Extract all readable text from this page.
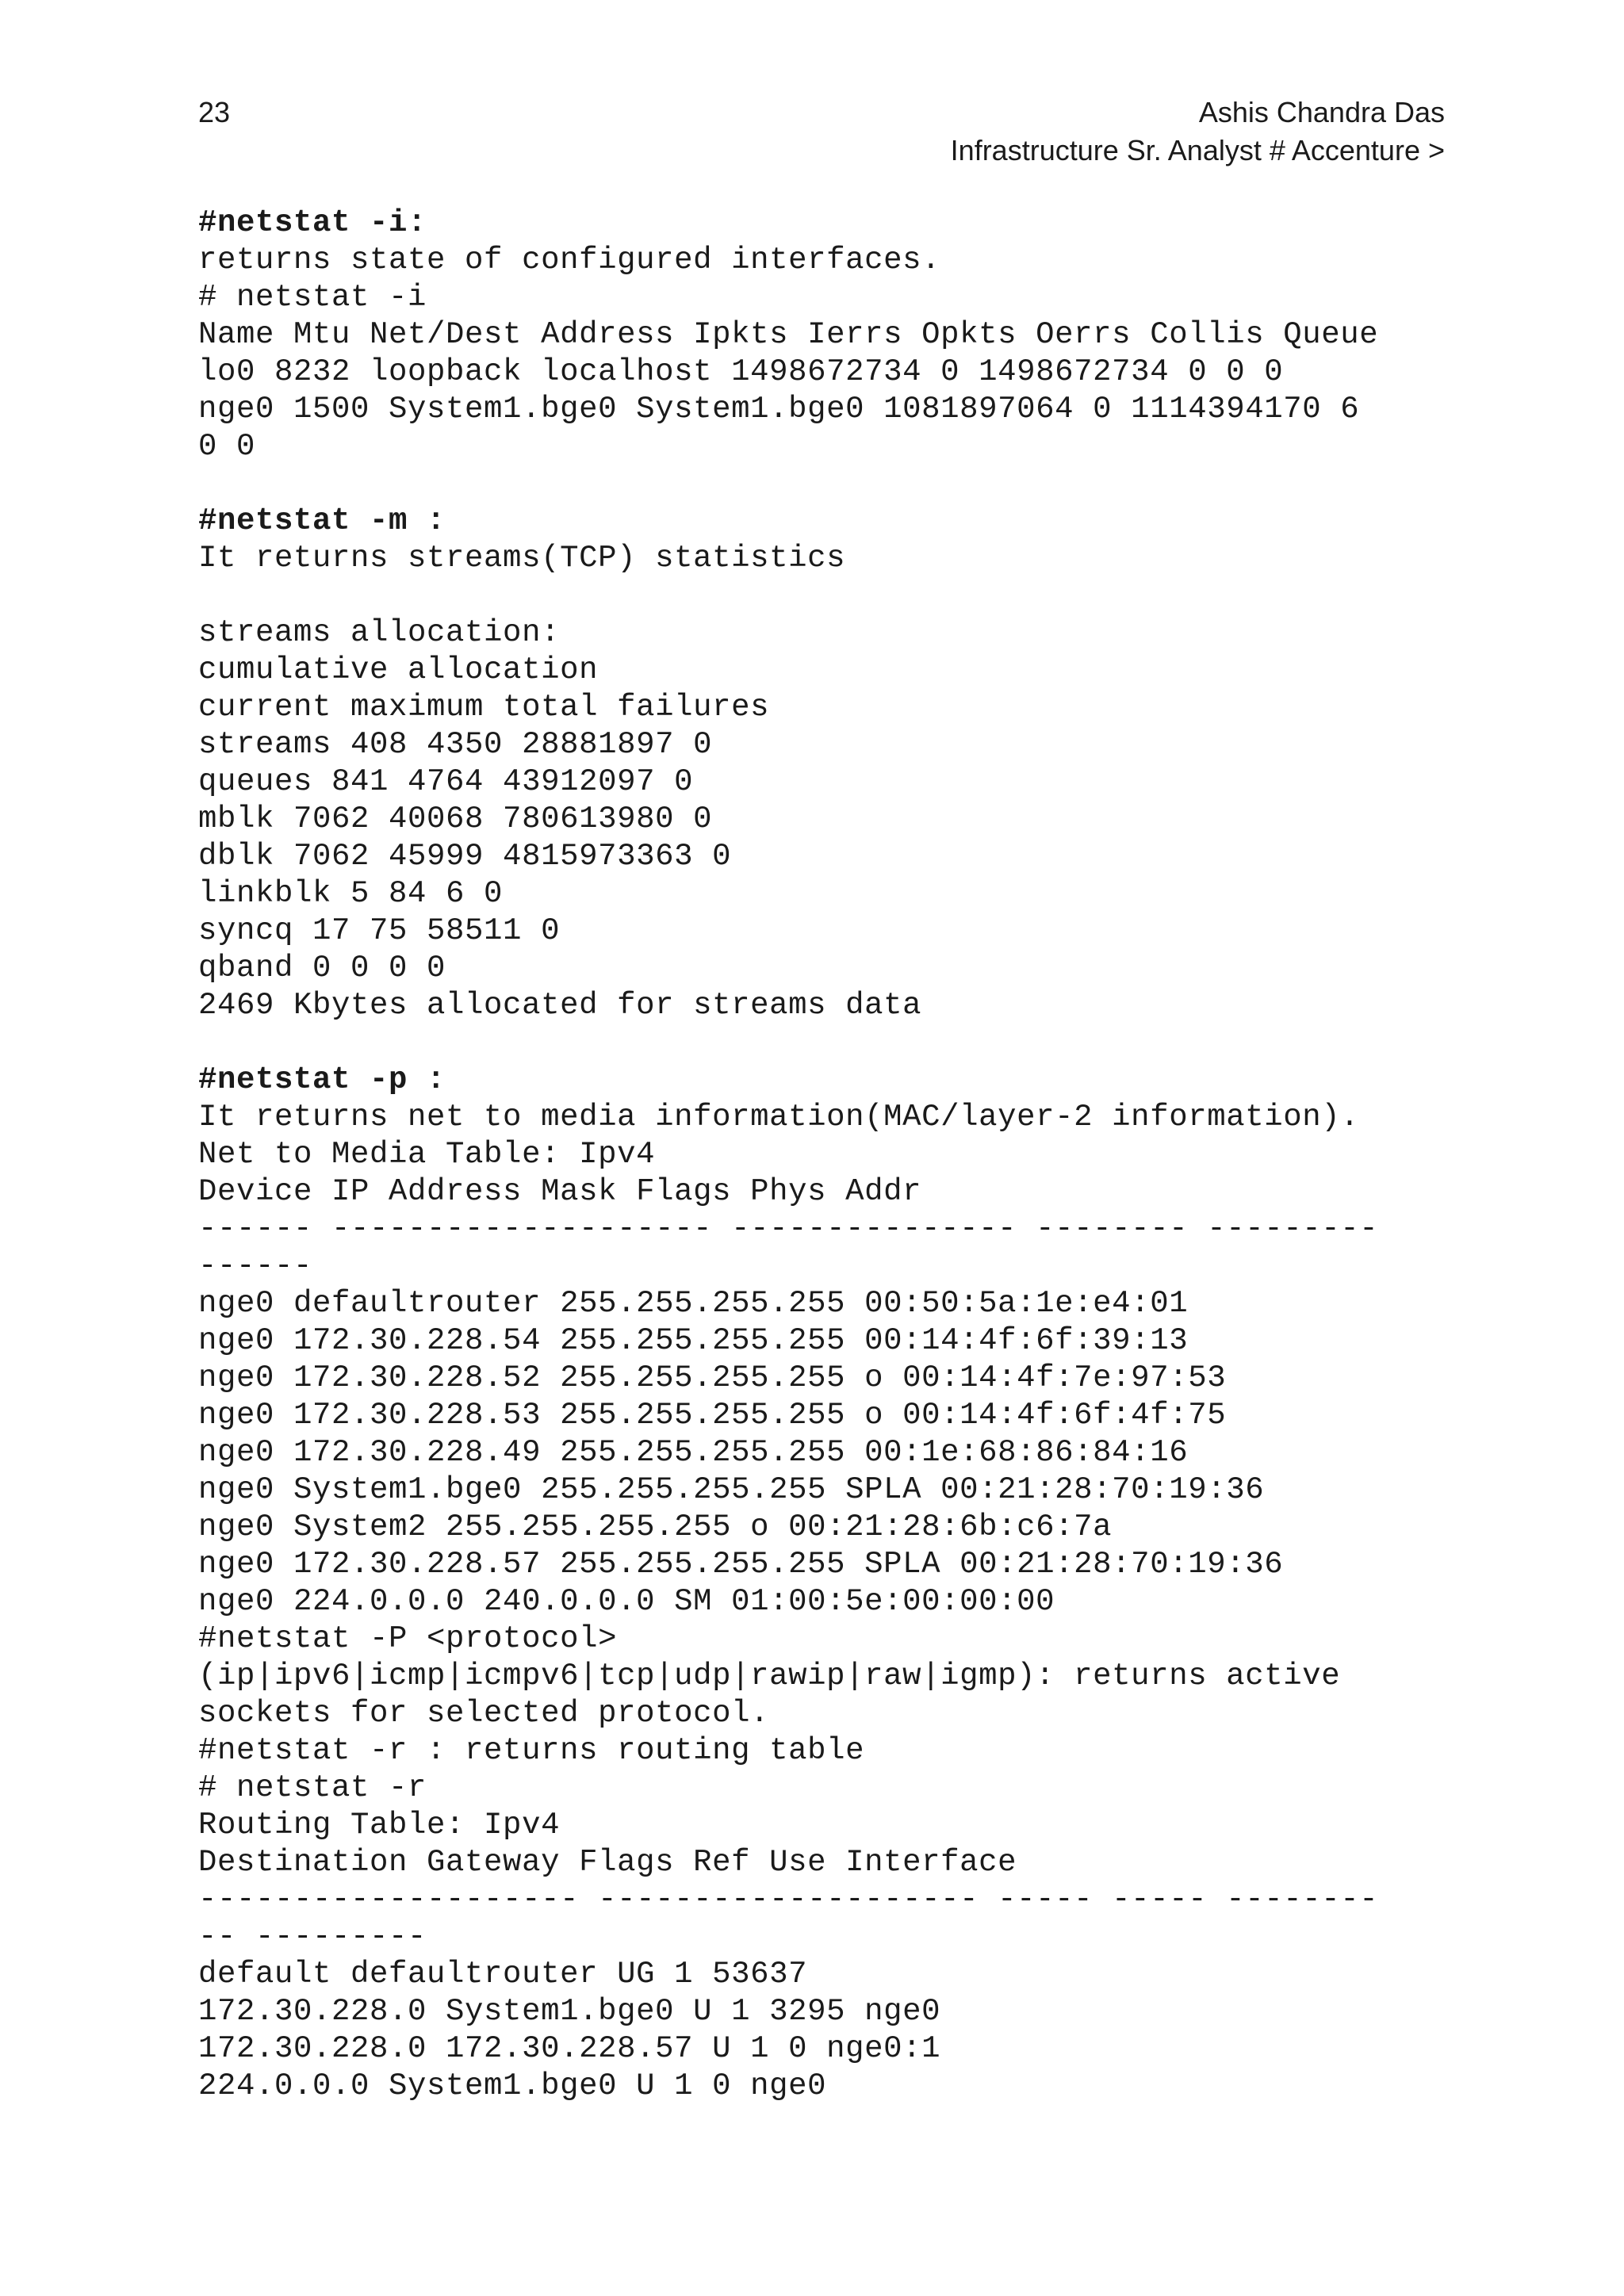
23	Ashis Chandra Das
Infrastructure Sr. Analyst # Accenture >
#netstat -i:
returns state of configured interfaces.
# netstat -i
Name Mtu Net/Dest Address Ipkts Ierrs Opkts Oerrs Collis Queue
lo0 8232 loopback localhost 1498672734 0 1498672734 0 0 0
nge0 1500 System1.bge0 System1.bge0 1081897064 0 1114394170 6
0 0
#netstat -m :
It returns streams(TCP) statistics
streams allocation:
cumulative allocation
current maximum total failures
streams 408 4350 28881897 0
queues 841 4764 43912097 0
mblk 7062 40068 780613980 0
dblk 7062 45999 4815973363 0
linkblk 5 84 6 0
syncq 17 75 58511 0
qband 0 0 0 0
2469 Kbytes allocated for streams data
#netstat -p :
It returns net to media information(MAC/layer-2 information).
Net to Media Table: Ipv4
Device IP Address Mask Flags Phys Addr
------ -------------------- --------------- -------- ---------
------
nge0 defaultrouter 255.255.255.255 00:50:5a:1e:e4:01
nge0 172.30.228.54 255.255.255.255 00:14:4f:6f:39:13
nge0 172.30.228.52 255.255.255.255 o 00:14:4f:7e:97:53
nge0 172.30.228.53 255.255.255.255 o 00:14:4f:6f:4f:75
nge0 172.30.228.49 255.255.255.255 00:1e:68:86:84:16
nge0 System1.bge0 255.255.255.255 SPLA 00:21:28:70:19:36
nge0 System2 255.255.255.255 o 00:21:28:6b:c6:7a
nge0 172.30.228.57 255.255.255.255 SPLA 00:21:28:70:19:36
nge0 224.0.0.0 240.0.0.0 SM 01:00:5e:00:00:00
#netstat -P <protocol>
(ip|ipv6|icmp|icmpv6|tcp|udp|rawip|raw|igmp): returns active
sockets for selected protocol.
#netstat -r : returns routing table
# netstat -r
Routing Table: Ipv4
Destination Gateway Flags Ref Use Interface
-------------------- -------------------- ----- ----- --------
-- ---------
default defaultrouter UG 1 53637
172.30.228.0 System1.bge0 U 1 3295 nge0
172.30.228.0 172.30.228.57 U 1 0 nge0:1
224.0.0.0 System1.bge0 U 1 0 nge0
